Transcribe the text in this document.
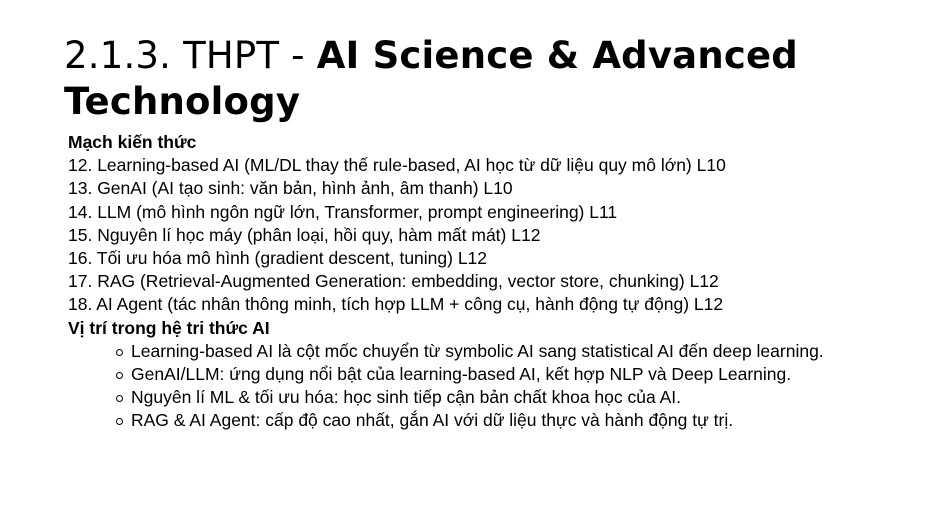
2.1.3. THPT - AI Science & Advanced Technology

Mạch kiến thức

12. Learning-based AI (ML/DL thay thế rule-based, AI học từ dữ liệu quy mô lớn) L10

13. GenAI (AI tạo sinh: văn bản, hình ảnh, âm thanh) L10

14. LLM (mô hình ngôn ngữ lớn, Transformer, prompt engineering) L11

15. Nguyên lí học máy (phân loại, hồi quy, hàm mất mát) L12

16. Tối ưu hóa mô hình (gradient descent, tuning) L12

17. RAG (Retrieval-Augmented Generation: embedding, vector store, chunking) L12

18. AI Agent (tác nhân thông minh, tích hợp LLM + công cụ, hành động tự động) L12

Vị trí trong hệ tri thức AI

Learning-based AI là cột mốc chuyển từ symbolic AI sang statistical AI đến deep learning.
GenAI/LLM: ứng dụng nổi bật của learning-based AI, kết hợp NLP và Deep Learning.
Nguyên lí ML & tối ưu hóa: học sinh tiếp cận bản chất khoa học của AI.
RAG & AI Agent: cấp độ cao nhất, gắn AI với dữ liệu thực và hành động tự trị.
